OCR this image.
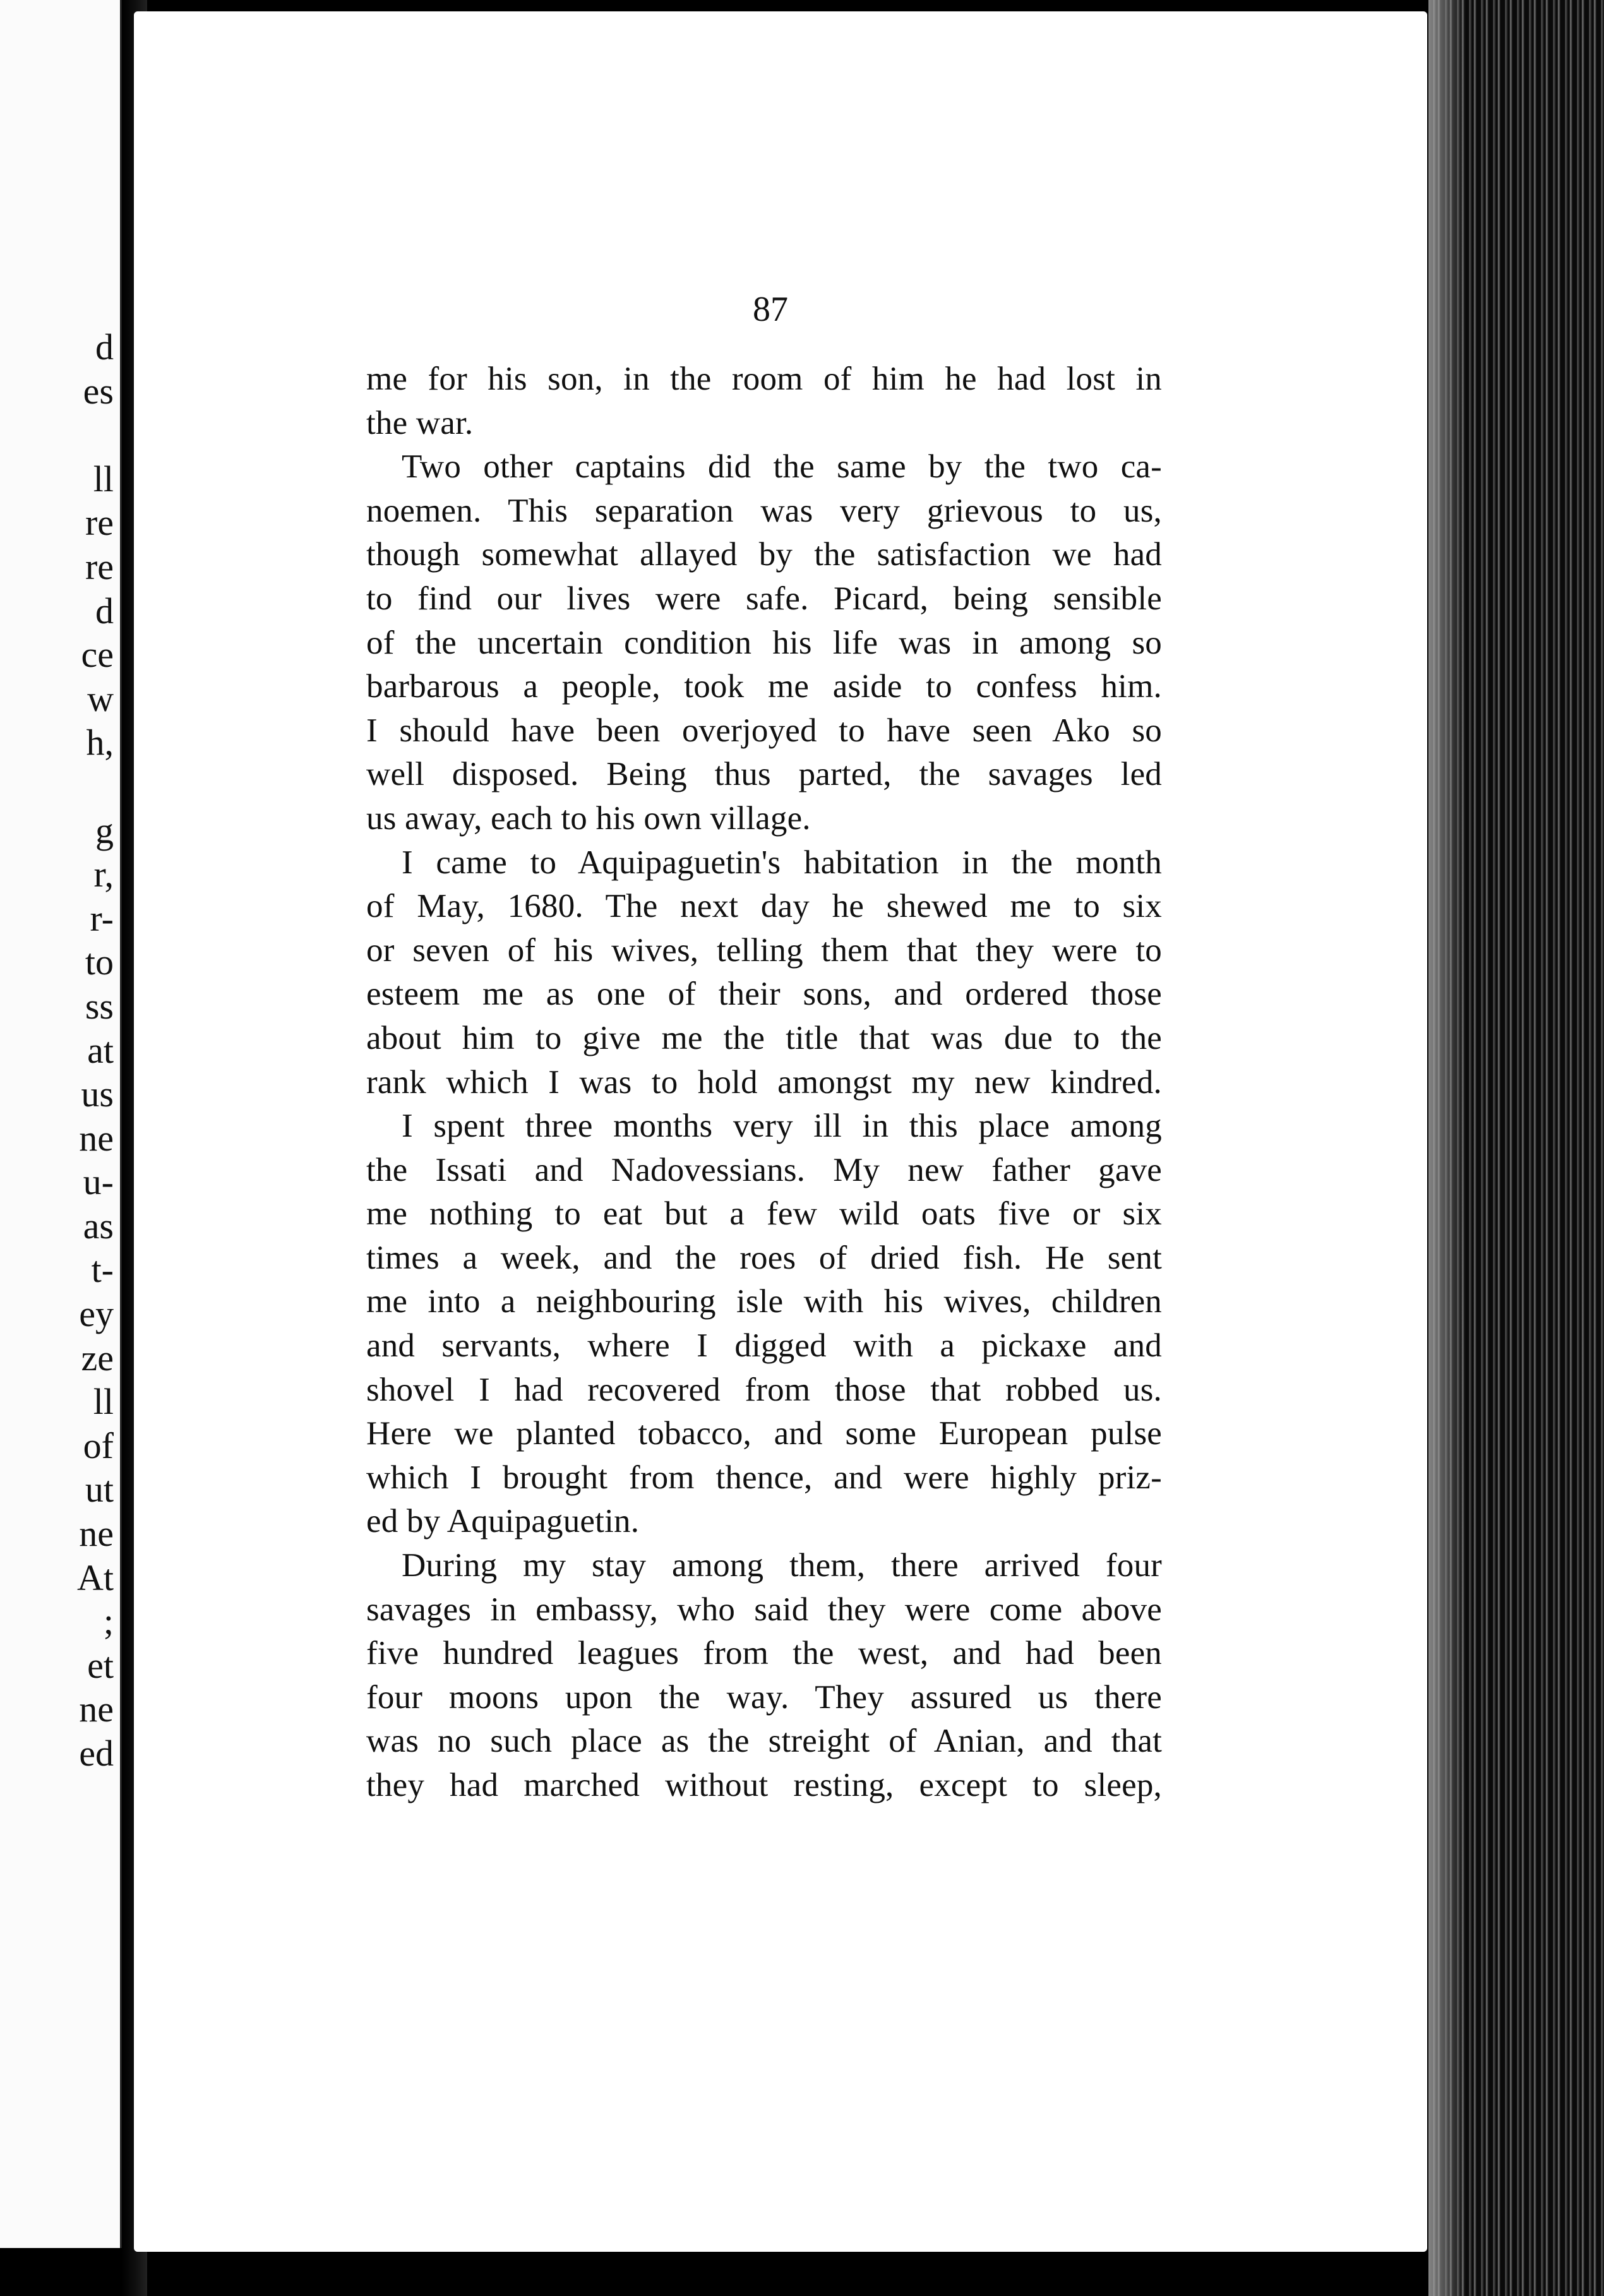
d
es

ll
re
re
d
ce
w
h,

g
r,
r-
to
ss
at
us
ne
u-
as
t-
ey
ze
ll
of
ut
ne
At
;
et
ne
ed
87
me for his son, in the room of him he had lost in
the war.
Two other captains did the same by the two ca-
noemen. This separation was very grievous to us,
though somewhat allayed by the satisfaction we had
to find our lives were safe. Picard, being sensible
of the uncertain condition his life was in among so
barbarous a people, took me aside to confess him.
I should have been overjoyed to have seen Ako so
well disposed. Being thus parted, the savages led
us away, each to his own village.
I came to Aquipaguetin's habitation in the month
of May, 1680. The next day he shewed me to six
or seven of his wives, telling them that they were to
esteem me as one of their sons, and ordered those
about him to give me the title that was due to the
rank which I was to hold amongst my new kindred.
I spent three months very ill in this place among
the Issati and Nadovessians. My new father gave
me nothing to eat but a few wild oats five or six
times a week, and the roes of dried fish. He sent
me into a neighbouring isle with his wives, children
and servants, where I digged with a pickaxe and
shovel I had recovered from those that robbed us.
Here we planted tobacco, and some European pulse
which I brought from thence, and were highly priz-
ed by Aquipaguetin.
During my stay among them, there arrived four
savages in embassy, who said they were come above
five hundred leagues from the west, and had been
four moons upon the way. They assured us there
was no such place as the streight of Anian, and that
they had marched without resting, except to sleep,
